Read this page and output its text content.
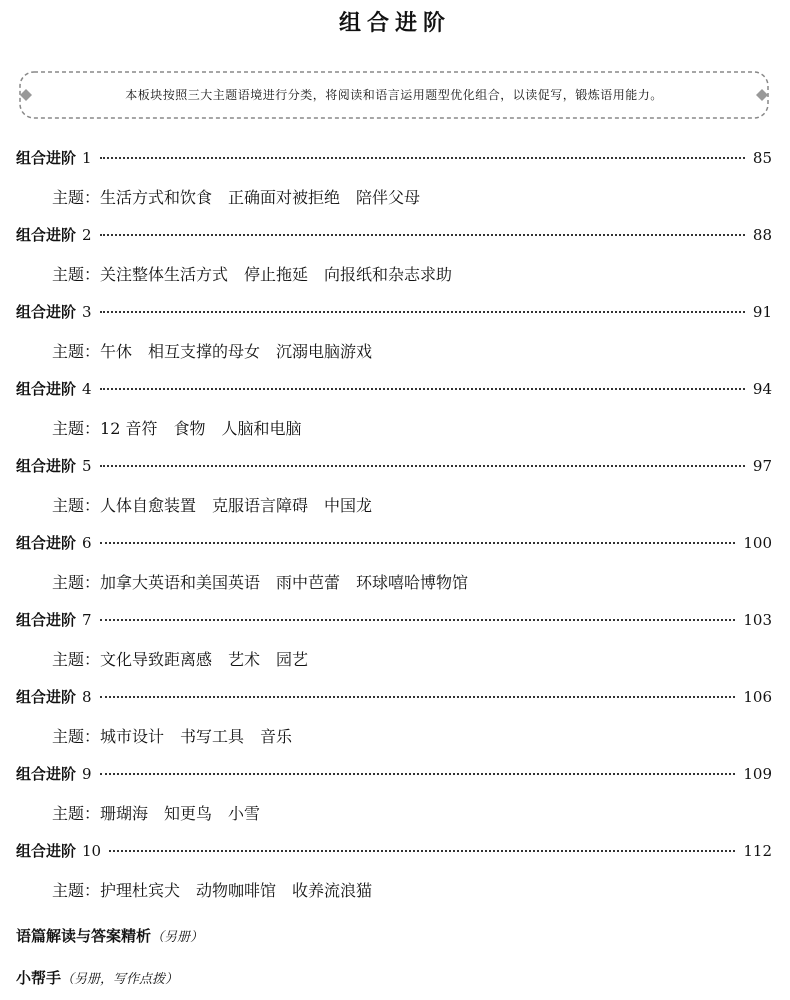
组合进阶
本板块按照三大主题语境进行分类，将阅读和语言运用题型优化组合，以读促写，锻炼语用能力。
组合进阶 1	85
主题：生活方式和饮食 正确面对被拒绝 陪伴父母
组合进阶 2	88
主题：关注整体生活方式 停止拖延 向报纸和杂志求助
组合进阶 3	91
主题：午休 相互支撑的母女 沉溺电脑游戏
组合进阶 4	94
主题：12 音符 食物 人脑和电脑
组合进阶 5	97
主题：人体自愈装置 克服语言障碍 中国龙
组合进阶 6	100
主题：加拿大英语和美国英语 雨中芭蕾 环球嘻哈博物馆
组合进阶 7	103
主题：文化导致距离感 艺术 园艺
组合进阶 8	106
主题：城市设计 书写工具 音乐
组合进阶 9	109
主题：珊瑚海 知更鸟 小雪
组合进阶 10	112
主题：护理杜宾犬 动物咖啡馆 收养流浪猫
语篇解读与答案精析（另册）
小帮手（另册，写作点拨）
